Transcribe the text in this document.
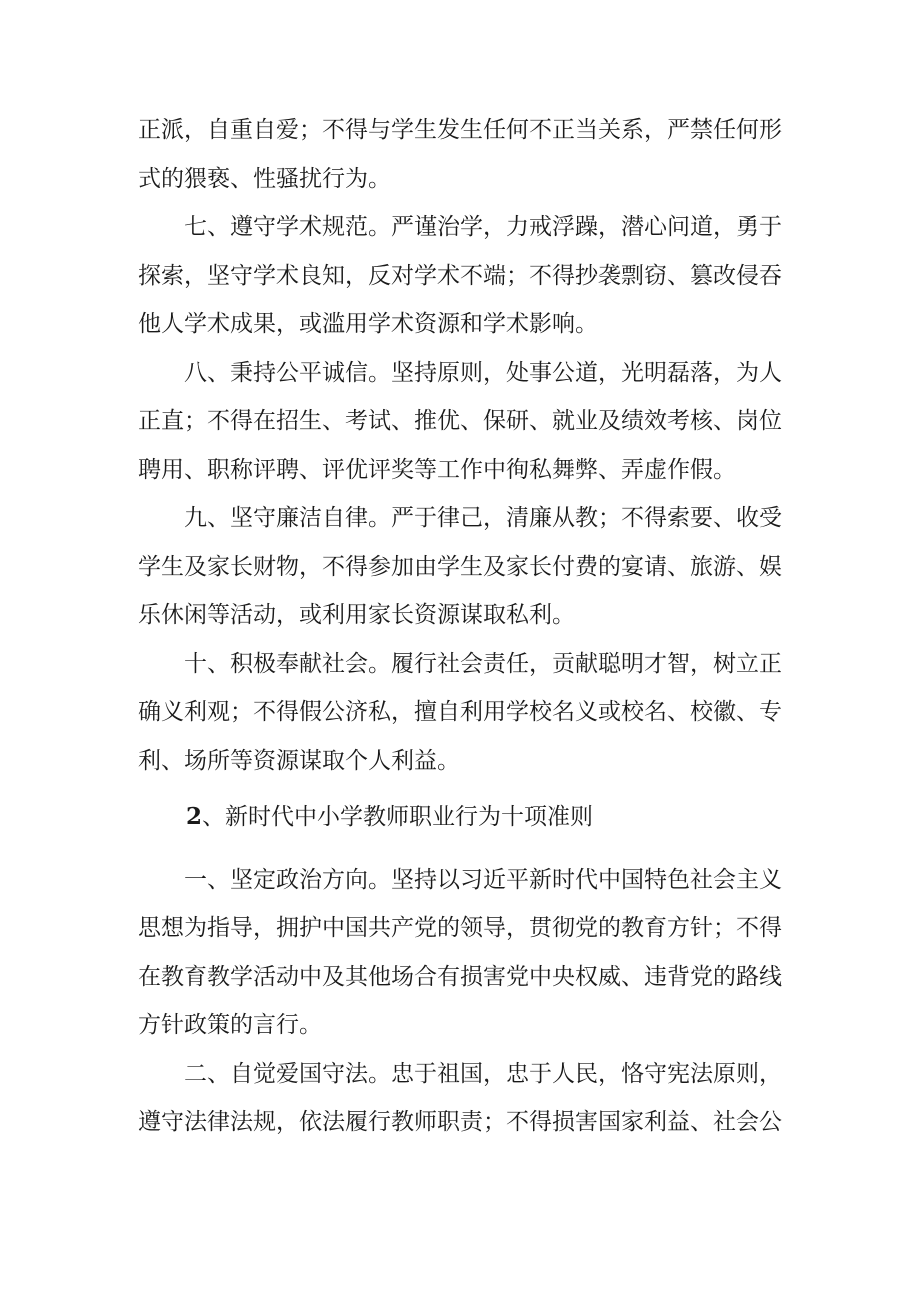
正派，自重自爱；不得与学生发生任何不正当关系，严禁任何形
式的猥亵、性骚扰行为。

　　七、遵守学术规范。严谨治学，力戒浮躁，潜心问道，勇于
探索，坚守学术良知，反对学术不端；不得抄袭剽窃、篡改侵吞
他人学术成果，或滥用学术资源和学术影响。

　　八、秉持公平诚信。坚持原则，处事公道，光明磊落，为人
正直；不得在招生、考试、推优、保研、就业及绩效考核、岗位
聘用、职称评聘、评优评奖等工作中徇私舞弊、弄虚作假。

　　九、坚守廉洁自律。严于律己，清廉从教；不得索要、收受
学生及家长财物，不得参加由学生及家长付费的宴请、旅游、娱
乐休闲等活动，或利用家长资源谋取私利。

　　十、积极奉献社会。履行社会责任，贡献聪明才智，树立正
确义利观；不得假公济私，擅自利用学校名义或校名、校徽、专
利、场所等资源谋取个人利益。

2、新时代中小学教师职业行为十项准则

　　一、坚定政治方向。坚持以习近平新时代中国特色社会主义
思想为指导，拥护中国共产党的领导，贯彻党的教育方针；不得
在教育教学活动中及其他场合有损害党中央权威、违背党的路线
方针政策的言行。

　　二、自觉爱国守法。忠于祖国，忠于人民，恪守宪法原则，
遵守法律法规，依法履行教师职责；不得损害国家利益、社会公
